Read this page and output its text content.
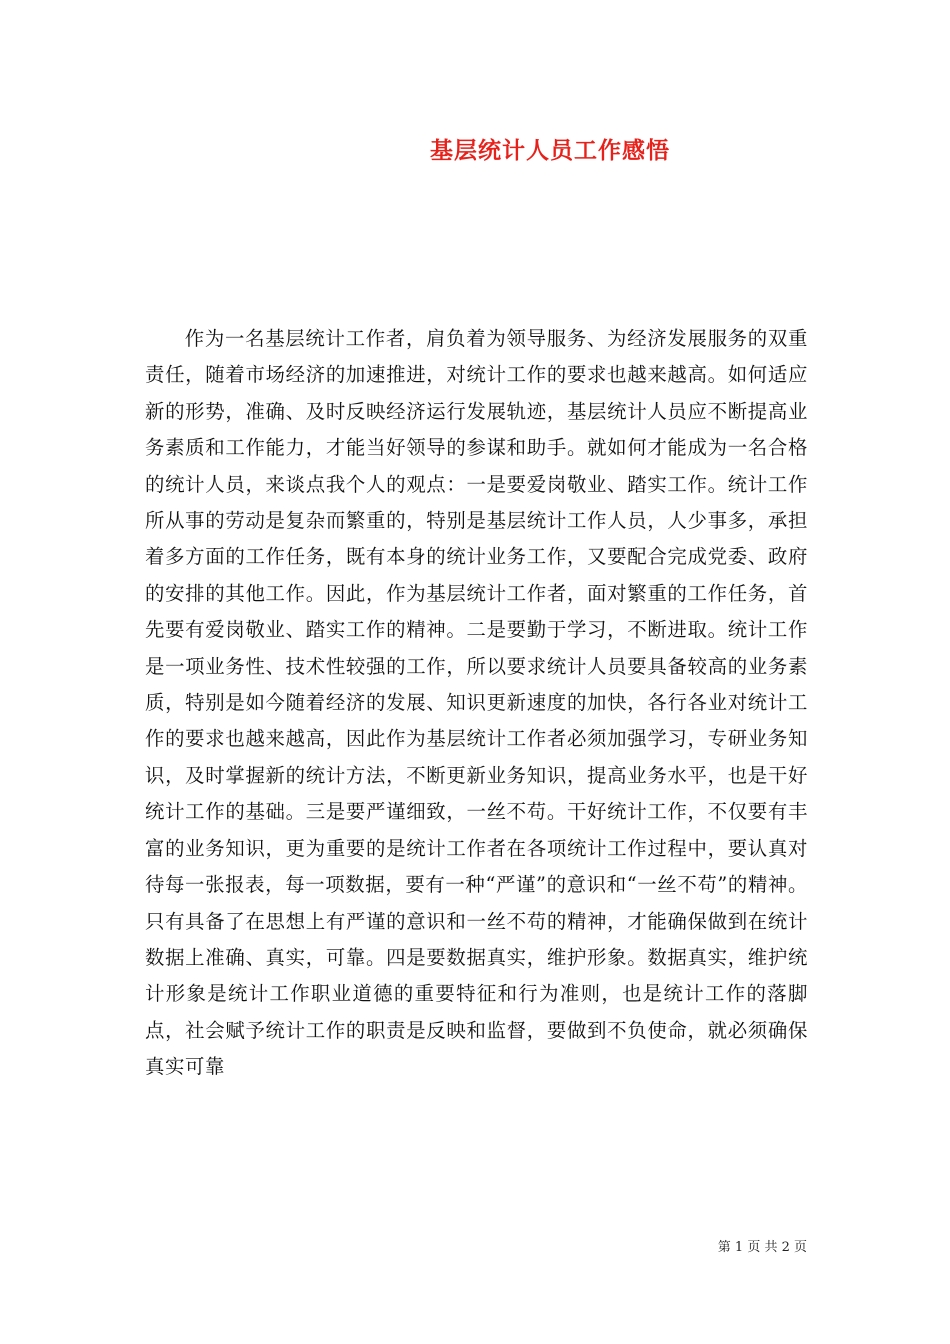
基层统计人员工作感悟

作为一名基层统计工作者，肩负着为领导服务、为经济发展服务的双重责任，随着市场经济的加速推进，对统计工作的要求也越来越高。如何适应新的形势，准确、及时反映经济运行发展轨迹，基层统计人员应不断提高业务素质和工作能力，才能当好领导的参谋和助手。就如何才能成为一名合格的统计人员，来谈点我个人的观点：一是要爱岗敬业、踏实工作。统计工作所从事的劳动是复杂而繁重的，特别是基层统计工作人员，人少事多，承担着多方面的工作任务，既有本身的统计业务工作，又要配合完成党委、政府的安排的其他工作。因此，作为基层统计工作者，面对繁重的工作任务，首先要有爱岗敬业、踏实工作的精神。二是要勤于学习，不断进取。统计工作是一项业务性、技术性较强的工作，所以要求统计人员要具备较高的业务素质，特别是如今随着经济的发展、知识更新速度的加快，各行各业对统计工作的要求也越来越高，因此作为基层统计工作者必须加强学习，专研业务知识，及时掌握新的统计方法，不断更新业务知识，提高业务水平，也是干好统计工作的基础。三是要严谨细致，一丝不苟。干好统计工作，不仅要有丰富的业务知识，更为重要的是统计工作者在各项统计工作过程中，要认真对待每一张报表，每一项数据，要有一种“严谨”的意识和“一丝不苟”的精神。只有具备了在思想上有严谨的意识和一丝不苟的精神，才能确保做到在统计数据上准确、真实，可靠。四是要数据真实，维护形象。数据真实，维护统计形象是统计工作职业道德的重要特征和行为准则，也是统计工作的落脚点，社会赋予统计工作的职责是反映和监督，要做到不负使命，就必须确保真实可靠

第 1 页 共 2 页
